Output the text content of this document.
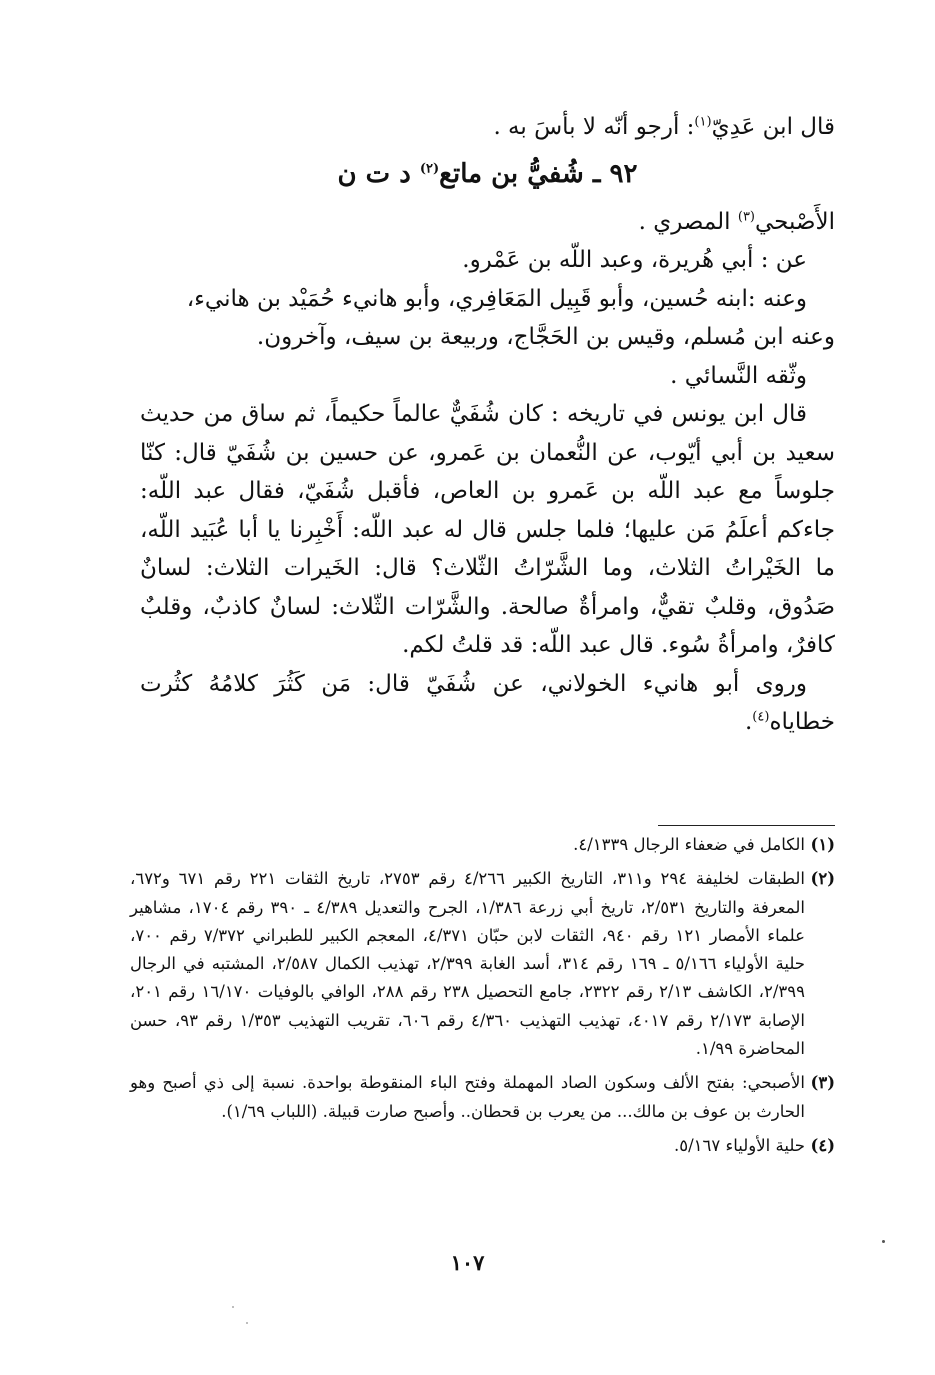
قال ابن عَدِيّ$^{(١)}$: أرجو أنّه لا بأسَ به .

٩٢ ـ شُفيُّ بن ماتع$^{(٢)}$ د ت ن

الأَصْبحي$^{(٣)}$ المصري .

عن : أبي هُريرة، وعبد اللّه بن عَمْرو.

وعنه :ابنه حُسين، وأبو قَبِيل المَعَافِري، وأبو هانيء حُمَيْد بن هانيء،

وعنه ابن مُسلم، وقيس بن الحَجَّاج، وربيعة بن سيف، وآخرون.

وثّقه النَّسائي .

قال ابن يونس في تاريخه : كان شُفَيٌّ عالماً حكيماً، ثم ساق من حديث سعيد بن أبي أيّوب، عن النُّعمان بن عَمرو، عن حسين بن شُفَيّ قال: كنّا جلوساً مع عبد اللّه بن عَمرو بن العاص، فأقبل شُفَيّ، فقال عبد اللّه: جاءكم أعلَمُ مَن عليها؛ فلما جلس قال له عبد اللّه: أَخْبِرنا يا أبا عُبَيد اللّه، ما الخَيْراتُ الثلاث، وما الشَّرّاتُ الثّلاث؟ قال: الخَيرات الثلاث: لسانٌ صَدُوق، وقلبٌ تقيٌّ، وامرأةٌ صالحة. والشَّرّات الثّلاث: لسانٌ كاذبٌ، وقلبٌ كافرٌ، وامرأةُ سُوء. قال عبد اللّه: قد قلتُ لكم.

وروى أبو هانيء الخولاني، عن شُفَيّ قال: مَن كَثُرَ كلامُهُ كثُرت خطاياه$^{(٤)}$.

(١)
الكامل في ضعفاء الرجال ٤/١٣٣٩.
(٢)
الطبقات لخليفة ٢٩٤ و٣١١، التاريخ الكبير ٤/٢٦٦ رقم ٢٧٥٣، تاريخ الثقات ٢٢١ رقم ٦٧١ و٦٧٢، المعرفة والتاريخ ٢/٥٣١، تاريخ أبي زرعة ١/٣٨٦، الجرح والتعديل ٤/٣٨٩ ـ ٣٩٠ رقم ١٧٠٤، مشاهير علماء الأمصار ١٢١ رقم ٩٤٠، الثقات لابن حبّان ٤/٣٧١، المعجم الكبير للطبراني ٧/٣٧٢ رقم ٧٠٠، حلية الأولياء ٥/١٦٦ ـ ١٦٩ رقم ٣١٤، أسد الغابة ٢/٣٩٩، تهذيب الكمال ٢/٥٨٧، المشتبه في الرجال ٢/٣٩٩، الكاشف ٢/١٣ رقم ٢٣٢٢، جامع التحصيل ٢٣٨ رقم ٢٨٨، الوافي بالوفيات ١٦/١٧٠ رقم ٢٠١، الإصابة ٢/١٧٣ رقم ٤٠١٧، تهذيب التهذيب ٤/٣٦٠ رقم ٦٠٦، تقريب التهذيب ١/٣٥٣ رقم ٩٣، حسن المحاضرة ١/٩٩.
(٣)
الأصبحي: بفتح الألف وسكون الصاد المهملة وفتح الباء المنقوطة بواحدة. نسبة إلى ذي أصبح وهو الحارث بن عوف بن مالك... من يعرب بن قحطان.. وأصبح صارت قبيلة. (اللباب ١/٦٩).
(٤)
حلية الأولياء ٥/١٦٧.
١٠٧
